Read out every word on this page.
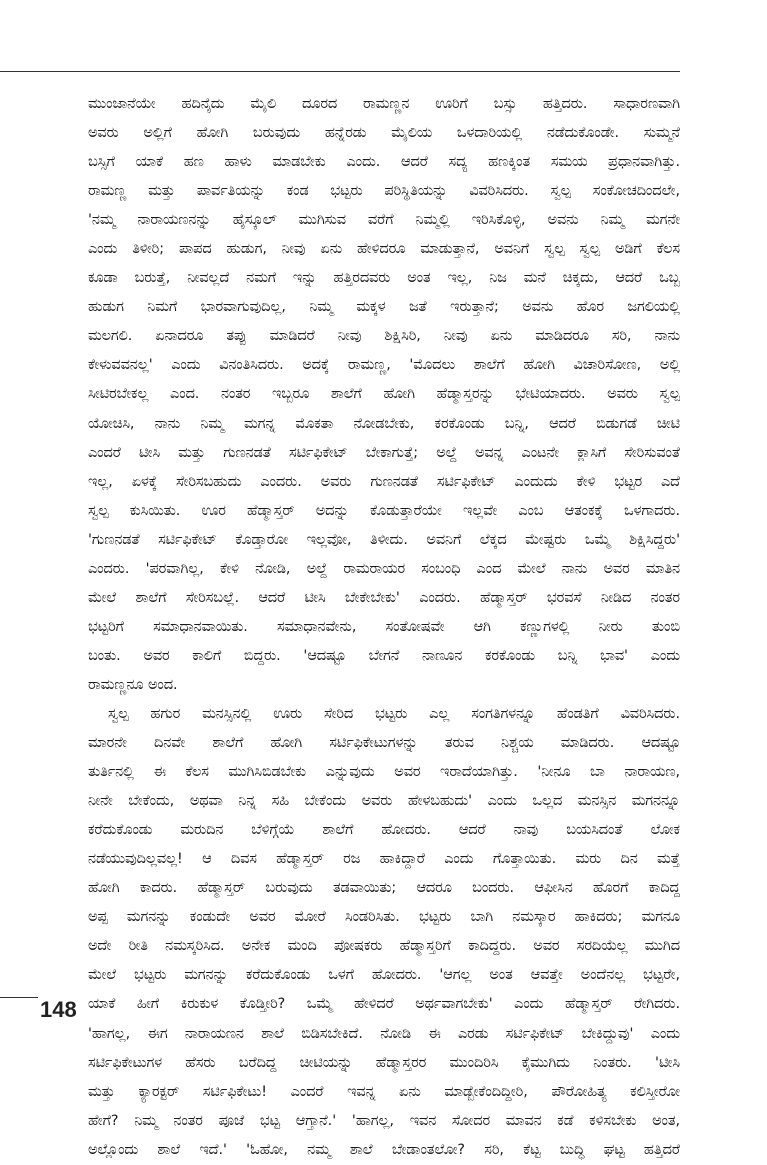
ಮುಂಜಾನೆಯೇ ಹದಿನೈದು ಮೈಲಿ ದೂರದ ರಾಮಣ್ಣನ ಊರಿಗೆ ಬಸ್ಸು ಹತ್ತಿದರು. ಸಾಧಾರಣವಾಗಿ
ಅವರು ಅಲ್ಲಿಗೆ ಹೋಗಿ ಬರುವುದು ಹನ್ನೆರಡು ಮೈಲಿಯ ಒಳದಾರಿಯಲ್ಲಿ ನಡೆದುಕೊಂಡೇ. ಸುಮ್ಮನೆ
ಬಸ್ಸಿಗೆ ಯಾಕೆ ಹಣ ಹಾಳು ಮಾಡಬೇಕು ಎಂದು. ಆದರೆ ಸದ್ಯ ಹಣಕ್ಕಿಂತ ಸಮಯ ಪ್ರಧಾನವಾಗಿತ್ತು.
ರಾಮಣ್ಣ ಮತ್ತು ಪಾರ್ವತಿಯನ್ನು ಕಂಡ ಭಟ್ಟರು ಪರಿಸ್ಥಿತಿಯನ್ನು ವಿವರಿಸಿದರು. ಸ್ವಲ್ಪ ಸಂಕೋಚದಿಂದಲೇ,
'ನಮ್ಮ ನಾರಾಯಣನನ್ನು ಹೈಸ್ಕೂಲ್ ಮುಗಿಸುವ ವರೆಗೆ ನಿಮ್ಮಲ್ಲಿ ಇರಿಸಿಕೊಳ್ಳಿ, ಅವನು ನಿಮ್ಮ ಮಗನೇ
ಎಂದು ತಿಳೀರಿ; ಪಾಪದ ಹುಡುಗ, ನೀವು ಏನು ಹೇಳಿದರೂ ಮಾಡುತ್ತಾನೆ, ಅವನಿಗೆ ಸ್ವಲ್ಪ ಸ್ವಲ್ಪ ಅಡಿಗೆ ಕೆಲಸ
ಕೂಡಾ ಬರುತ್ತೆ, ನೀವಲ್ಲದೆ ನಮಗೆ ಇನ್ನು ಹತ್ತಿರದವರು ಅಂತ ಇಲ್ಲ, ನಿಜ ಮನೆ ಚಿಕ್ಕದು, ಆದರೆ ಒಬ್ಬ
ಹುಡುಗ ನಿಮಗೆ ಭಾರವಾಗುವುದಿಲ್ಲ, ನಿಮ್ಮ ಮಕ್ಕಳ ಜತೆ ಇರುತ್ತಾನೆ; ಅವನು ಹೊರ ಜಗಲಿಯಲ್ಲಿ
ಮಲಗಲಿ. ಏನಾದರೂ ತಪ್ಪು ಮಾಡಿದರೆ ನೀವು ಶಿಕ್ಷಿಸಿರಿ, ನೀವು ಏನು ಮಾಡಿದರೂ ಸರಿ, ನಾನು
ಕೇಳುವವನಲ್ಲ' ಎಂದು ವಿನಂತಿಸಿದರು. ಅದಕ್ಕೆ ರಾಮಣ್ಣ, 'ಮೊದಲು ಶಾಲೆಗೆ ಹೋಗಿ ವಿಚಾರಿಸೋಣ, ಅಲ್ಲಿ
ಸೀಟಿರಬೇಕಲ್ಲ ಎಂದ. ನಂತರ ಇಬ್ಬರೂ ಶಾಲೆಗೆ ಹೋಗಿ ಹೆಡ್ಮಾಸ್ತರನ್ನು ಭೇಟಿಯಾದರು. ಅವರು ಸ್ವಲ್ಪ
ಯೋಚಿಸಿ, ನಾನು ನಿಮ್ಮ ಮಗನ್ನ ಮೊಕತಾ ನೋಡಬೇಕು, ಕರಕೊಂಡು ಬನ್ನಿ, ಆದರೆ ಬಿಡುಗಡೆ ಚೀಟಿ
ಎಂದರೆ ಟೀಸಿ ಮತ್ತು ಗುಣನಡತೆ ಸರ್ಟಿಫಿಕೇಟ್ ಬೇಕಾಗುತ್ತೆ; ಅಲ್ದೆ ಅವನ್ನ ಎಂಟನೇ ಕ್ಲಾಸಿಗೆ ಸೇರಿಸುವಂತೆ
ಇಲ್ಲ, ಏಳಕ್ಕೆ ಸೇರಿಸಬಹುದು ಎಂದರು. ಅವರು ಗುಣನಡತೆ ಸರ್ಟಿಫಿಕೇಟ್ ಎಂದುದು ಕೇಳಿ ಭಟ್ಟರ ಎದೆ
ಸ್ವಲ್ಪ ಕುಸಿಯಿತು. ಊರ ಹೆಡ್ಮಾಸ್ತರ್ ಅದನ್ನು ಕೊಡುತ್ತಾರೆಯೇ ಇಲ್ಲವೇ ಎಂಬ ಆತಂಕಕ್ಕೆ ಒಳಗಾದರು.
'ಗುಣನಡತೆ ಸರ್ಟಿಫಿಕೇಟ್ ಕೊಡ್ತಾರೋ ಇಲ್ಲವೋ, ತಿಳೀದು. ಅವನಿಗೆ ಲೆಕ್ಕದ ಮೇಷ್ಟರು ಒಮ್ಮೆ ಶಿಕ್ಷಿಸಿದ್ದರು'
ಎಂದರು. 'ಪರವಾಗಿಲ್ಲ, ಕೇಳಿ ನೋಡಿ, ಅಲ್ದೆ ರಾಮರಾಯರ ಸಂಬಂಧಿ ಎಂದ ಮೇಲೆ ನಾನು ಅವರ ಮಾತಿನ
ಮೇಲೆ ಶಾಲೆಗೆ ಸೇರಿಸಬಲ್ಲೆ. ಆದರೆ ಟೀಸಿ ಬೇಕೇಬೇಕು' ಎಂದರು. ಹೆಡ್ಮಾಸ್ತರ್ ಭರವಸೆ ನೀಡಿದ ನಂತರ
ಭಟ್ಟರಿಗೆ ಸಮಾಧಾನವಾಯಿತು. ಸಮಾಧಾನವೇನು, ಸಂತೋಷವೇ ಆಗಿ ಕಣ್ಣುಗಳಲ್ಲಿ ನೀರು ತುಂಬಿ
ಬಂತು. ಅವರ ಕಾಲಿಗೆ ಬಿದ್ದರು. 'ಆದಷ್ಟೂ ಬೇಗನೆ ನಾಣೂನ ಕರಕೊಂಡು ಬನ್ನಿ ಭಾವ' ಎಂದು
ರಾಮಣ್ಣನೂ ಅಂದ.
ಸ್ವಲ್ಪ ಹಗುರ ಮನಸ್ಸಿನಲ್ಲಿ ಊರು ಸೇರಿದ ಭಟ್ಟರು ಎಲ್ಲ ಸಂಗತಿಗಳನ್ನೂ ಹೆಂಡತಿಗೆ ವಿವರಿಸಿದರು.
ಮಾರನೇ ದಿನವೇ ಶಾಲೆಗೆ ಹೋಗಿ ಸರ್ಟಿಫಿಕೇಟುಗಳನ್ನು ತರುವ ನಿಶ್ಚಯ ಮಾಡಿದರು. ಆದಷ್ಟೂ
ತುರ್ತಿನಲ್ಲಿ ಈ ಕೆಲಸ ಮುಗಿಸಿಬಿಡಬೇಕು ಎನ್ನುವುದು ಅವರ ಇರಾದೆಯಾಗಿತ್ತು. 'ನೀನೂ ಬಾ ನಾರಾಯಣ,
ನೀನೇ ಬೇಕೆಂದು, ಅಥವಾ ನಿನ್ನ ಸಹಿ ಬೇಕೆಂದು ಅವರು ಹೇಳಬಹುದು' ಎಂದು ಒಲ್ಲದ ಮನಸ್ಸಿನ ಮಗನನ್ನೂ
ಕರೆದುಕೊಂಡು ಮರುದಿನ ಬೆಳಿಗ್ಗೆಯೆ ಶಾಲೆಗೆ ಹೋದರು. ಆದರೆ ನಾವು ಬಯಸಿದಂತೆ ಲೋಕ
ನಡೆಯುವುದಿಲ್ಲವಲ್ಲ! ಆ ದಿವಸ ಹೆಡ್ಮಾಸ್ತರ್ ರಜ ಹಾಕಿದ್ದಾರೆ ಎಂದು ಗೊತ್ತಾಯಿತು. ಮರು ದಿನ ಮತ್ತೆ
ಹೋಗಿ ಕಾದರು. ಹೆಡ್ಮಾಸ್ತರ್ ಬರುವುದು ತಡವಾಯಿತು; ಆದರೂ ಬಂದರು. ಆಫೀಸಿನ ಹೊರಗೆ ಕಾದಿದ್ದ
ಅಪ್ಪ ಮಗನನ್ನು ಕಂಡುದೇ ಅವರ ಮೋರೆ ಸಿಂಡರಿಸಿತು. ಭಟ್ಟರು ಬಾಗಿ ನಮಸ್ಕಾರ ಹಾಕಿದರು; ಮಗನೂ
ಅದೇ ರೀತಿ ನಮಸ್ಕರಿಸಿದ. ಅನೇಕ ಮಂದಿ ಪೋಷಕರು ಹೆಡ್ಮಾಸ್ತರಿಗೆ ಕಾದಿದ್ದರು. ಅವರ ಸರದಿಯೆಲ್ಲ ಮುಗಿದ
ಮೇಲೆ ಭಟ್ಟರು ಮಗನನ್ನು ಕರೆದುಕೊಂಡು ಒಳಗೆ ಹೋದರು. 'ಆಗಲ್ಲ ಅಂತ ಆವತ್ತೇ ಅಂದೆನಲ್ಲ ಭಟ್ಟರೇ,
ಯಾಕೆ ಹೀಗೆ ಕಿರುಕುಳ ಕೊಡ್ತೀರಿ? ಒಮ್ಮೆ ಹೇಳಿದರೆ ಅರ್ಥವಾಗಬೇಕು' ಎಂದು ಹೆಡ್ಮಾಸ್ತರ್ ರೇಗಿದರು.
'ಹಾಗಲ್ಲ, ಈಗ ನಾರಾಯಣನ ಶಾಲೆ ಬಿಡಿಸಬೇಕಿದೆ. ನೋಡಿ ಈ ಎರಡು ಸರ್ಟಿಫಿಕೇಟ್ ಬೇಕಿದ್ದುವು' ಎಂದು
ಸರ್ಟಿಫಿಕೇಟುಗಳ ಹೆಸರು ಬರೆದಿದ್ದ ಚೀಟಿಯನ್ನು ಹೆಡ್ಮಾಸ್ತರರ ಮುಂದಿರಿಸಿ ಕೈಮುಗಿದು ನಿಂತರು. 'ಟೀಸಿ
ಮತ್ತು ಕ್ಯಾರಕ್ಟರ್ ಸರ್ಟಿಫಿಕೇಟು! ಎಂದರೆ ಇವನ್ನ ಏನು ಮಾಡ್ಬೇಕೆಂದಿದ್ದೀರಿ, ಪೌರೋಹಿತ್ಯ ಕಲಿಸ್ತೀರೋ
ಹೇಗೆ? ನಿಮ್ಮ ನಂತರ ಪೂಜೆ ಭಟ್ಟ ಆಗ್ತಾನೆ.' 'ಹಾಗಲ್ಲ, ಇವನ ಸೋದರ ಮಾವನ ಕಡೆ ಕಳಿಸಬೇಕು ಅಂತ,
ಅಲ್ಲೊಂದು ಶಾಲೆ ಇದೆ.' 'ಓಹೋ, ನಮ್ಮ ಶಾಲೆ ಬೇಡಾಂತಲೋ? ಸರಿ, ಕೆಟ್ಟ ಬುದ್ಧಿ ಘಟ್ಟ ಹತ್ತಿದರೆ
148
